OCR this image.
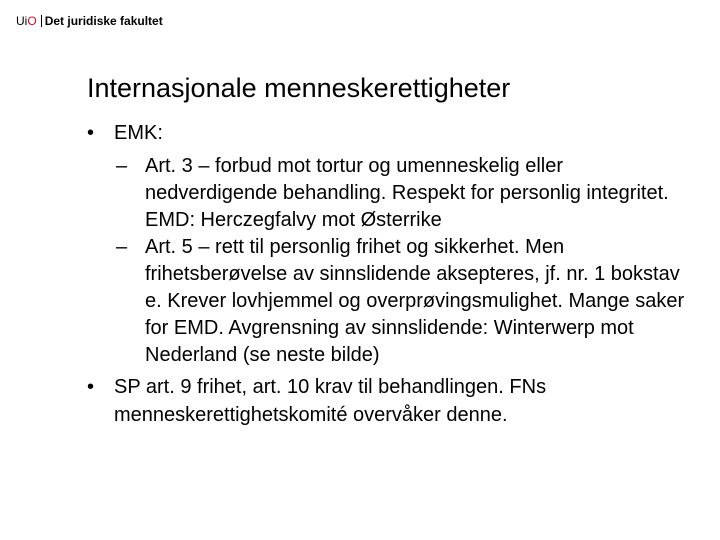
UiO Det juridiske fakultet
Internasjonale menneskerettigheter
• EMK:
– Art. 3 – forbud mot tortur og umenneskelig eller nedverdigende behandling. Respekt for personlig integritet. EMD: Herczegfalvy mot Østerrike
– Art. 5 – rett til personlig frihet og sikkerhet. Men frihetsberøvelse av sinnslidende aksepteres, jf. nr. 1 bokstav e. Krever lovhjemmel og overprøvingsmulighet. Mange saker for EMD. Avgrensning av sinnslidende: Winterwerp mot Nederland (se neste bilde)
• SP art. 9 frihet, art. 10 krav til behandlingen. FNs menneskerettighetskomité overvåker denne.
